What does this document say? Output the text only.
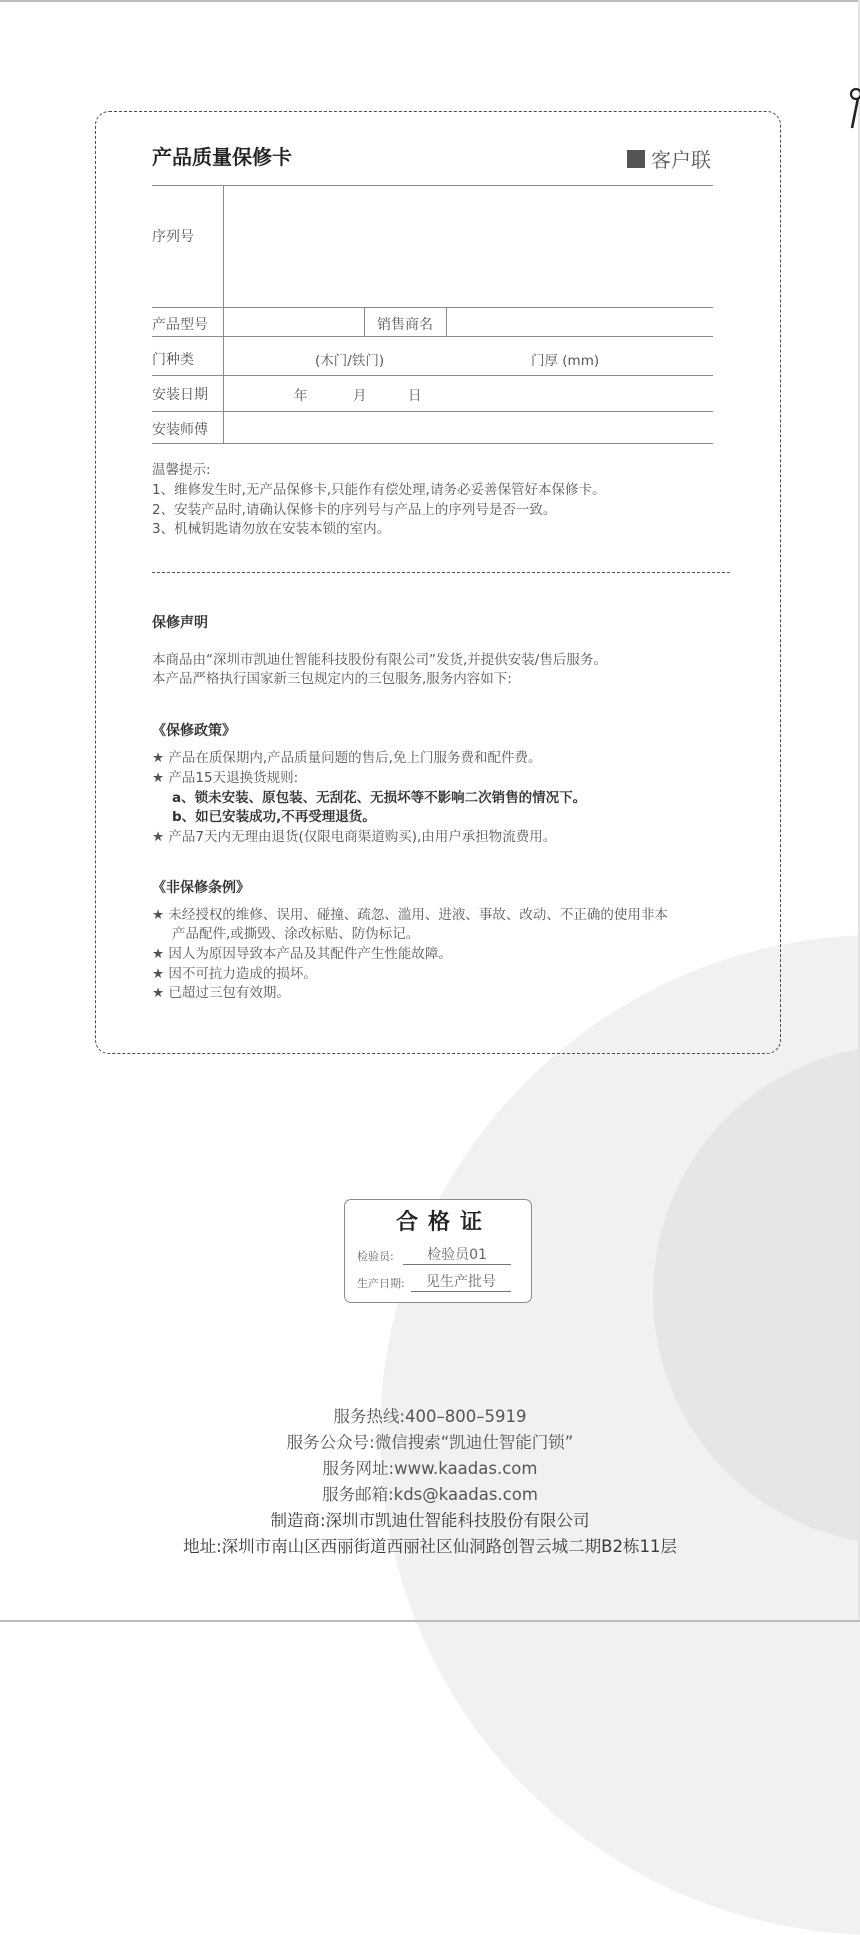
产品质量保修卡	客户联
序列号
产品型号	销售商名
门种类	(木门/铁门)	门厚 (mm)
安装日期	年	月	日
安装师傅
温馨提示:
1、维修发生时,无产品保修卡,只能作有偿处理,请务必妥善保管好本保修卡。
2、安装产品时,请确认保修卡的序列号与产品上的序列号是否一致。
3、机械钥匙请勿放在安装本锁的室内。
保修声明
本商品由“深圳市凯迪仕智能科技股份有限公司”发货,并提供安装/售后服务。
本产品严格执行国家新三包规定内的三包服务,服务内容如下:
《保修政策》
★ 产品在质保期内,产品质量问题的售后,免上门服务费和配件费。
★ 产品15天退换货规则:
a、锁未安装、原包装、无刮花、无损坏等不影响二次销售的情况下。
b、如已安装成功,不再受理退货。
★ 产品7天内无理由退货(仅限电商渠道购买),由用户承担物流费用。
《非保修条例》
★ 未经授权的维修、误用、碰撞、疏忽、滥用、进液、事故、改动、不正确的使用非本
产品配件,或撕毁、涂改标贴、防伪标记。
★ 因人为原因导致本产品及其配件产生性能故障。
★ 因不可抗力造成的损坏。
★ 已超过三包有效期。
合格证
检验员:	检验员01
生产日期:	见生产批号
服务热线:400–800–5919
服务公众号:微信搜索“凯迪仕智能门锁”
服务网址:www.kaadas.com
服务邮箱:kds@kaadas.com
制造商:深圳市凯迪仕智能科技股份有限公司
地址:深圳市南山区西丽街道西丽社区仙洞路创智云城二期B2栋11层
